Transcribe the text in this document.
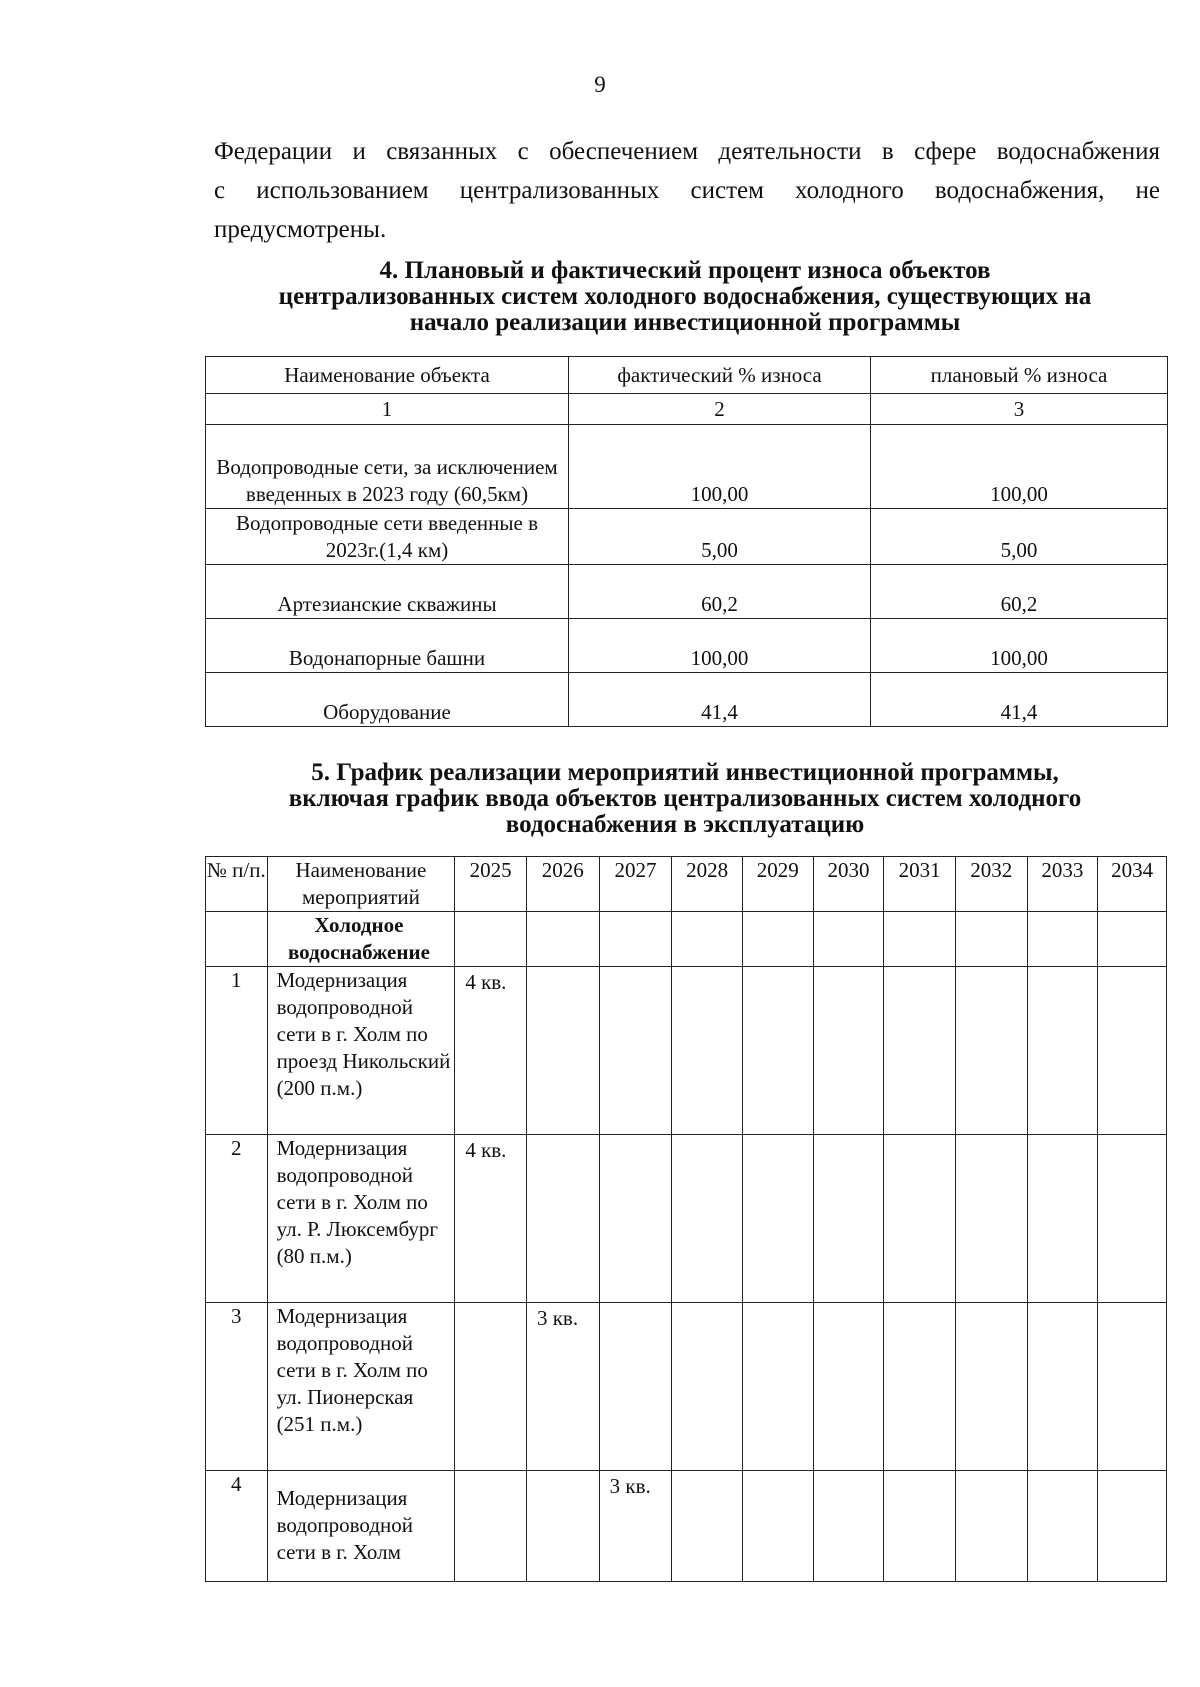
9
Федерации и связанных с обеспечением деятельности в сфере водоснабжения
с использованием централизованных систем холодного водоснабжения, не
предусмотрены.
4. Плановый и фактический процент износа объектов
централизованных систем холодного водоснабжения, существующих на
начало реализации инвестиционной программы
Наименование объекта	фактический % износа	плановый % износа
1	2	3
Водопроводные сети, за исключением введенных в 2023 году (60,5км)	100,00	100,00
Водопроводные сети введенные в 2023г.(1,4 км)	5,00	5,00
Артезианские скважины	60,2	60,2
Водонапорные башни	100,00	100,00
Оборудование	41,4	41,4
5. График реализации мероприятий инвестиционной программы,
включая график ввода объектов централизованных систем холодного
водоснабжения в эксплуатацию
№ п/п.	Наименование мероприятий	2025	2026	2027	2028	2029	2030	2031	2032	2033	2034
	Холодное водоснабжение										
1	Модернизация водопроводной сети в г. Холм по проезд Никольский (200 п.м.)	4 кв.									
2	Модернизация водопроводной сети в г. Холм по ул. Р. Люксембург (80 п.м.)	4 кв.									
3	Модернизация водопроводной сети в г. Холм по ул. Пионерская (251 п.м.)		3 кв.								
4	Модернизация водопроводной сети в г. Холм			3 кв.							
